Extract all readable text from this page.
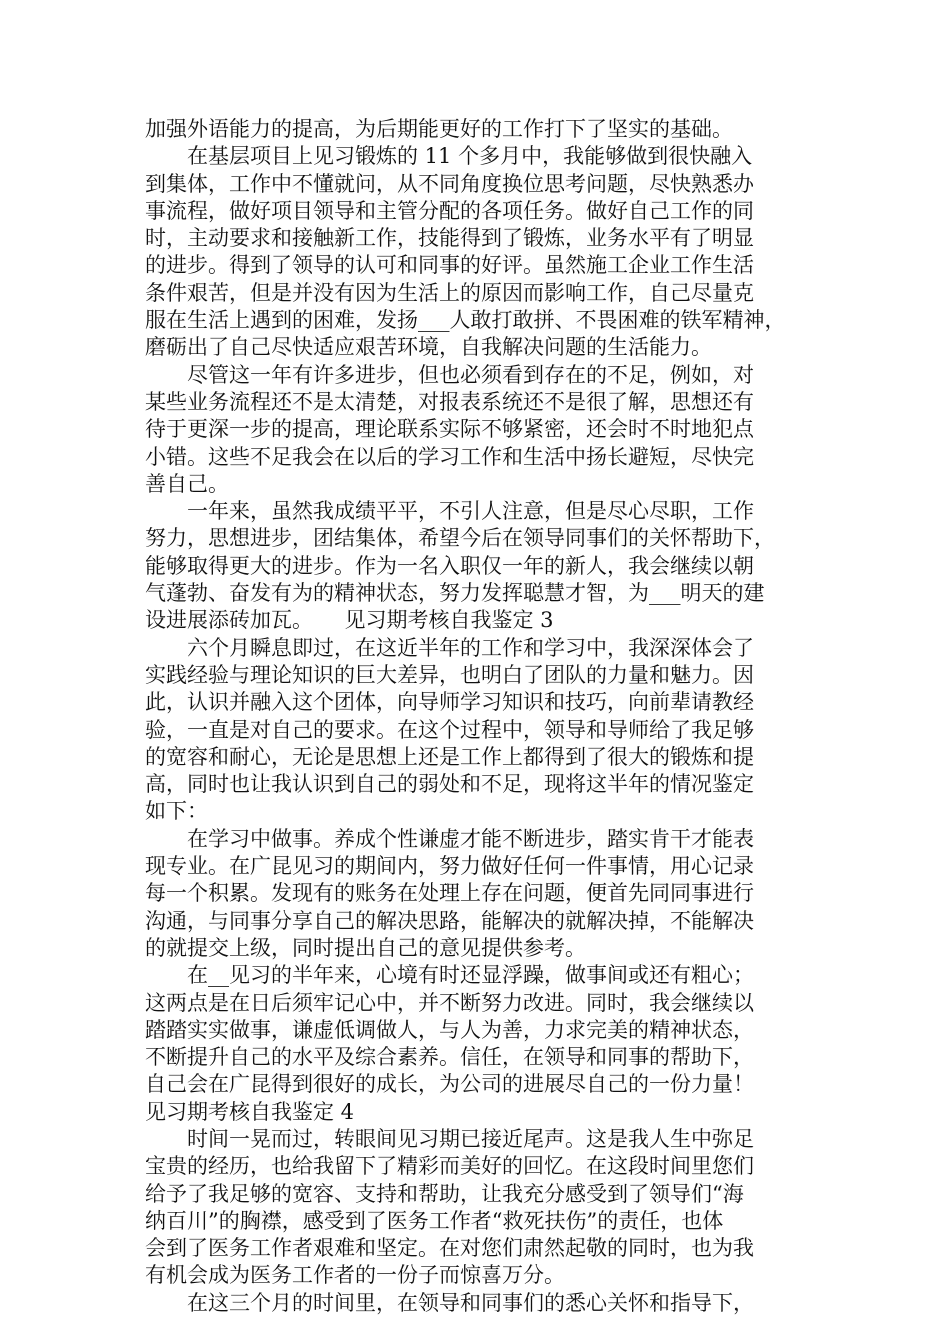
加强外语能力的提高，为后期能更好的工作打下了坚实的基础。
　　在基层项目上见习锻炼的 11 个多月中，我能够做到很快融入
到集体，工作中不懂就问，从不同角度换位思考问题，尽快熟悉办
事流程，做好项目领导和主管分配的各项任务。做好自己工作的同
时，主动要求和接触新工作，技能得到了锻炼，业务水平有了明显
的进步。得到了领导的认可和同事的好评。虽然施工企业工作生活
条件艰苦，但是并没有因为生活上的原因而影响工作，自己尽量克
服在生活上遇到的困难，发扬___人敢打敢拼、不畏困难的铁军精神，
磨砺出了自己尽快适应艰苦环境，自我解决问题的生活能力。
　　尽管这一年有许多进步，但也必须看到存在的不足，例如，对
某些业务流程还不是太清楚，对报表系统还不是很了解，思想还有
待于更深一步的提高，理论联系实际不够紧密，还会时不时地犯点
小错。这些不足我会在以后的学习工作和生活中扬长避短，尽快完
善自己。
　　一年来，虽然我成绩平平，不引人注意，但是尽心尽职，工作
努力，思想进步，团结集体，希望今后在领导同事们的关怀帮助下，
能够取得更大的进步。作为一名入职仅一年的新人，我会继续以朝
气蓬勃、奋发有为的精神状态，努力发挥聪慧才智，为___明天的建
设进展添砖加瓦。　　见习期考核自我鉴定 3
　　六个月瞬息即过，在这近半年的工作和学习中，我深深体会了
实践经验与理论知识的巨大差异，也明白了团队的力量和魅力。因
此，认识并融入这个团体，向导师学习知识和技巧，向前辈请教经
验，一直是对自己的要求。在这个过程中，领导和导师给了我足够
的宽容和耐心，无论是思想上还是工作上都得到了很大的锻炼和提
高，同时也让我认识到自己的弱处和不足，现将这半年的情况鉴定
如下：
　　在学习中做事。养成个性谦虚才能不断进步，踏实肯干才能表
现专业。在广昆见习的期间内，努力做好任何一件事情，用心记录
每一个积累。发现有的账务在处理上存在问题，便首先同同事进行
沟通，与同事分享自己的解决思路，能解决的就解决掉，不能解决
的就提交上级，同时提出自己的意见提供参考。
　　在__见习的半年来，心境有时还显浮躁，做事间或还有粗心；
这两点是在日后须牢记心中，并不断努力改进。同时，我会继续以
踏踏实实做事，谦虚低调做人，与人为善，力求完美的精神状态，
不断提升自己的水平及综合素养。信任，在领导和同事的帮助下，
自己会在广昆得到很好的成长，为公司的进展尽自己的一份力量！
见习期考核自我鉴定 4
　　时间一晃而过，转眼间见习期已接近尾声。这是我人生中弥足
宝贵的经历，也给我留下了精彩而美好的回忆。在这段时间里您们
给予了我足够的宽容、支持和帮助，让我充分感受到了领导们“海
纳百川”的胸襟，感受到了医务工作者“救死扶伤”的责任，也体
会到了医务工作者艰难和坚定。在对您们肃然起敬的同时，也为我
有机会成为医务工作者的一份子而惊喜万分。
　　在这三个月的时间里，在领导和同事们的悉心关怀和指导下，
